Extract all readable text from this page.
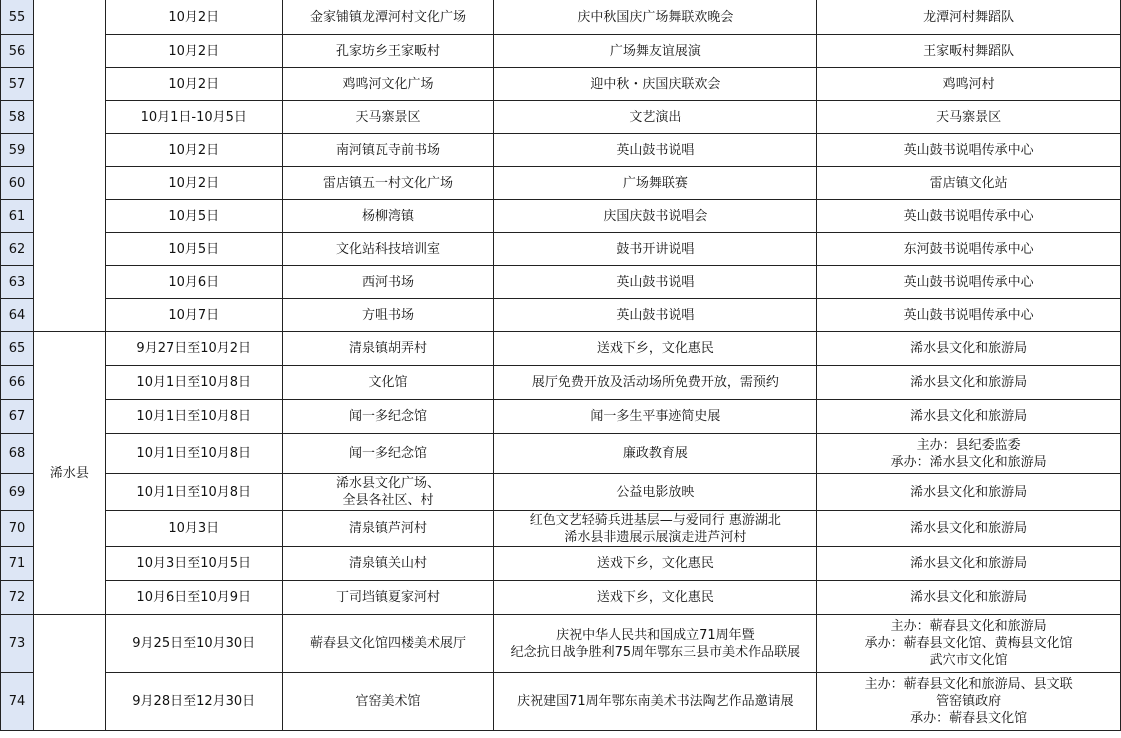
55		10月2日	金家铺镇龙潭河村文化广场	庆中秋国庆广场舞联欢晚会	龙潭河村舞蹈队

56		10月2日	孔家坊乡王家畈村	广场舞友谊展演	王家畈村舞蹈队

57		10月2日	鸡鸣河文化广场	迎中秋・庆国庆联欢会	鸡鸣河村

58		10月1日-10月5日	天马寨景区	文艺演出	天马寨景区

59		10月2日	南河镇瓦寺前书场	英山鼓书说唱	英山鼓书说唱传承中心

60		10月2日	雷店镇五一村文化广场	广场舞联赛	雷店镇文化站

61		10月5日	杨柳湾镇	庆国庆鼓书说唱会	英山鼓书说唱传承中心

62		10月5日	文化站科技培训室	鼓书开讲说唱	东河鼓书说唱传承中心

63		10月6日	西河书场	英山鼓书说唱	英山鼓书说唱传承中心

64		10月7日	方咀书场	英山鼓书说唱	英山鼓书说唱传承中心

65	浠水县	9月27日至10月2日	清泉镇胡弄村	送戏下乡，文化惠民	浠水县文化和旅游局

66		10月1日至10月8日	文化馆	展厅免费开放及活动场所免费开放，需预约	浠水县文化和旅游局

67		10月1日至10月8日	闻一多纪念馆	闻一多生平事迹简史展	浠水县文化和旅游局

68		10月1日至10月8日	闻一多纪念馆	廉政教育展	主办：县纪委监委
承办：浠水县文化和旅游局

69		10月1日至10月8日	浠水县文化广场、
全县各社区、村	公益电影放映	浠水县文化和旅游局

70		10月3日	清泉镇芦河村	红色文艺轻骑兵进基层—与爱同行 惠游湖北
浠水县非遗展示展演走进芦河村	浠水县文化和旅游局

71		10月3日至10月5日	清泉镇关山村	送戏下乡，文化惠民	浠水县文化和旅游局

72		10月6日至10月9日	丁司垱镇夏家河村	送戏下乡，文化惠民	浠水县文化和旅游局

73		9月25日至10月30日	蕲春县文化馆四楼美术展厅	庆祝中华人民共和国成立71周年暨
纪念抗日战争胜利75周年鄂东三县市美术作品联展	主办：蕲春县文化和旅游局
承办：蕲春县文化馆、黄梅县文化馆
武穴市文化馆

74		9月28日至12月30日	官窑美术馆	庆祝建国71周年鄂东南美术书法陶艺作品邀请展	主办：蕲春县文化和旅游局、县文联
管窑镇政府
承办：蕲春县文化馆
